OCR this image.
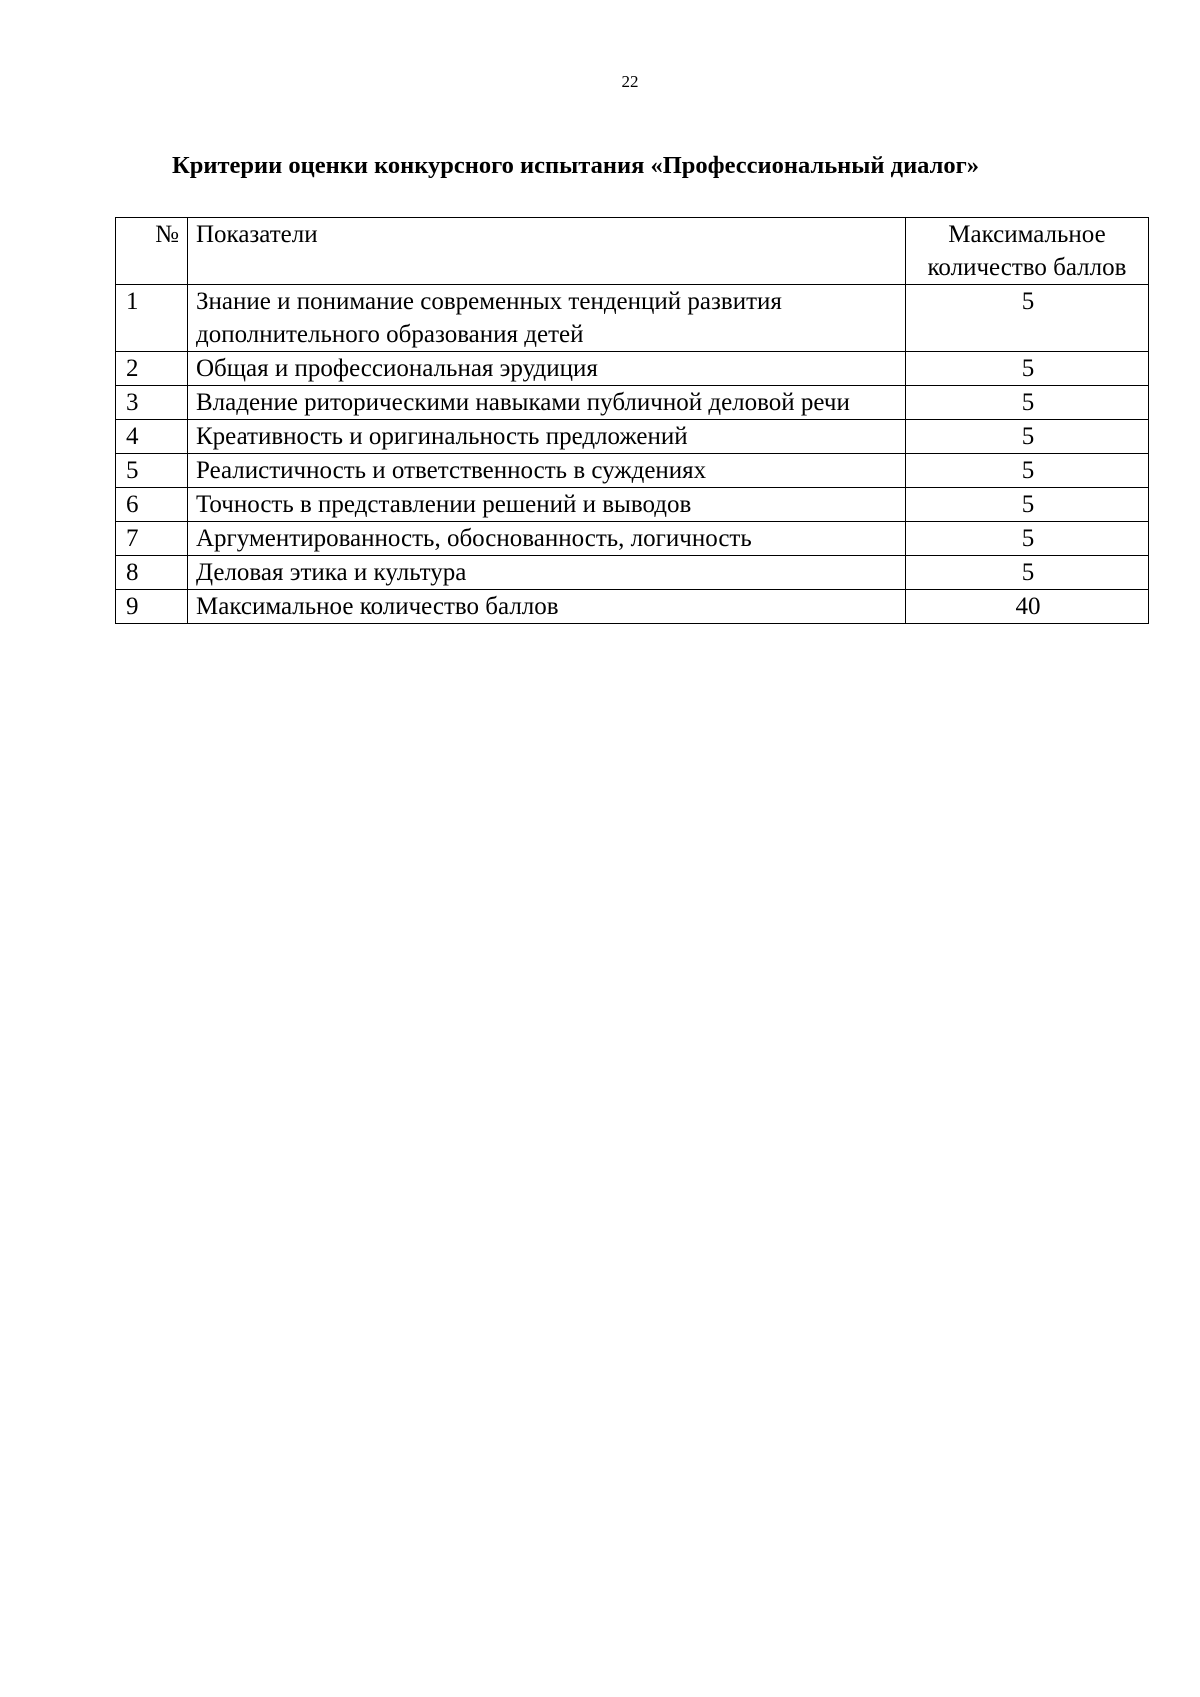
22
Критерии оценки конкурсного испытания «Профессиональный диалог»
№	Показатели	Максимальное количество баллов
1	Знание и понимание современных тенденций развития дополнительного образования детей	5
2	Общая и профессиональная эрудиция	5
3	Владение риторическими навыками публичной деловой речи	5
4	Креативность и оригинальность предложений	5
5	Реалистичность и ответственность в суждениях	5
6	Точность в представлении решений и выводов	5
7	Аргументированность, обоснованность, логичность	5
8	Деловая этика и культура	5
9	Максимальное количество баллов	40
